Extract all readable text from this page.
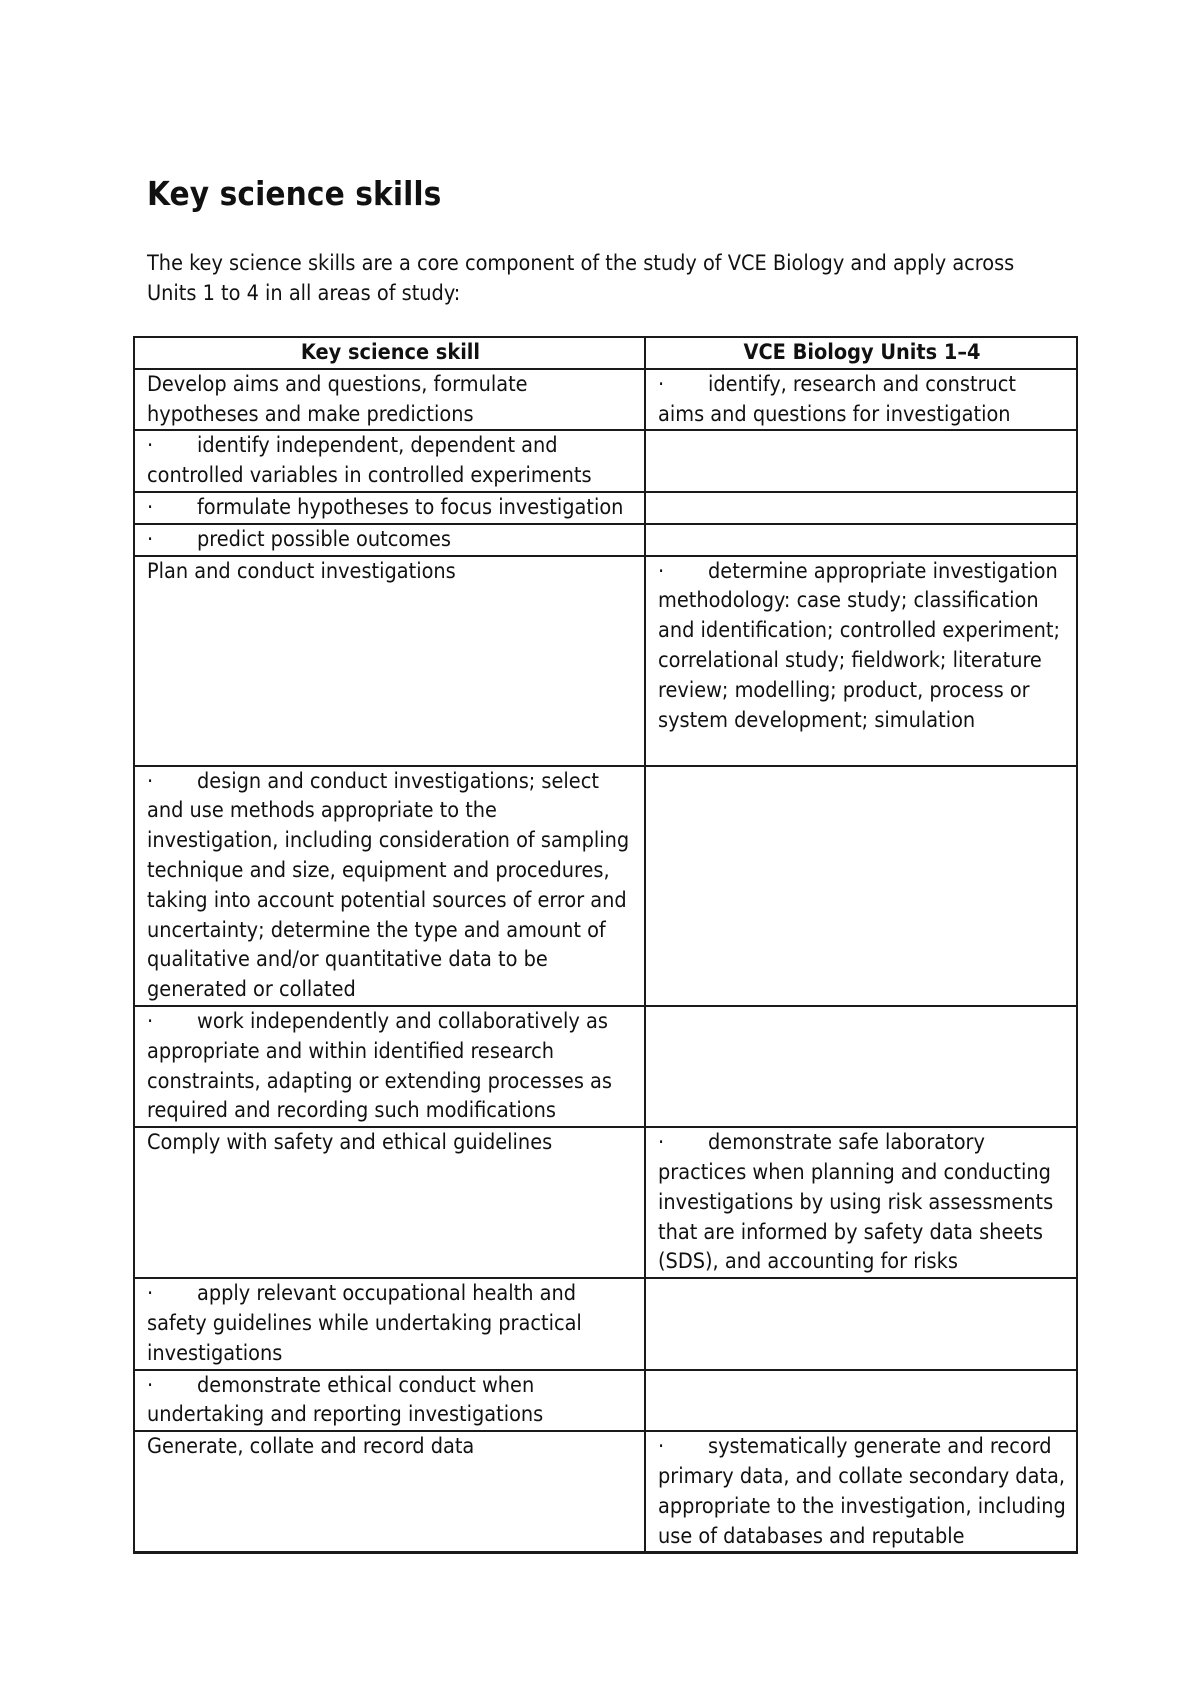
Key science skills

The key science skills are a core component of the study of VCE Biology and apply across Units 1 to 4 in all areas of study:

Key science skill	VCE Biology Units 1–4
Develop aims and questions, formulate hypotheses and make predictions	· identify, research and construct aims and questions for investigation
· identify independent, dependent and controlled variables in controlled experiments	
· formulate hypotheses to focus investigation	
· predict possible outcomes	
Plan and conduct investigations	· determine appropriate investigation methodology: case study; classification and identification; controlled experiment; correlational study; fieldwork; literature review; modelling; product, process or system development; simulation
· design and conduct investigations; select and use methods appropriate to the investigation, including consideration of sampling technique and size, equipment and procedures, taking into account potential sources of error and uncertainty; determine the type and amount of qualitative and/or quantitative data to be generated or collated	
· work independently and collaboratively as appropriate and within identified research constraints, adapting or extending processes as required and recording such modifications	
Comply with safety and ethical guidelines	· demonstrate safe laboratory practices when planning and conducting investigations by using risk assessments that are informed by safety data sheets (SDS), and accounting for risks
· apply relevant occupational health and safety guidelines while undertaking practical investigations	
· demonstrate ethical conduct when undertaking and reporting investigations	
Generate, collate and record data	· systematically generate and record primary data, and collate secondary data, appropriate to the investigation, including use of databases and reputable
